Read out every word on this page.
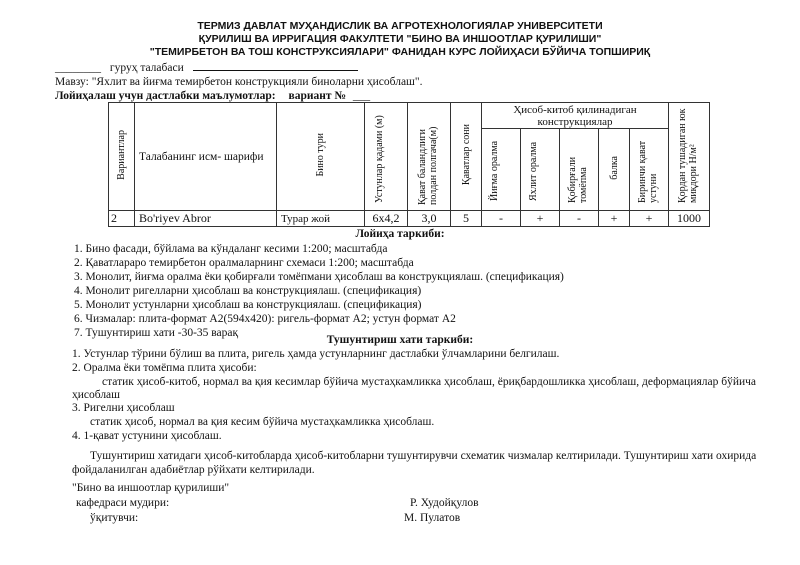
ТЕРМИЗ ДАВЛАТ МУҲАНДИСЛИК ВА АГРОТЕХНОЛОГИЯЛАР УНИВЕРСИТЕТИ
ҚУРИЛИШ ВА ИРРИГАЦИЯ ФАКУЛТЕТИ "БИНО ВА ИНШООТЛАР ҚУРИЛИШИ"
"ТЕМИРБЕТОН ВА ТОШ КОНСТРУКСИЯЛАРИ" ФАНИДАН КУРС ЛОЙИҲАСИ БЎЙИЧА ТОПШИРИҚ
________ гуруҳ талабаси
Мавзу: "Яхлит ва йиғма темирбетон конструкцияли биноларни ҳисоблаш".
Лойиҳалаш учун дастлабки маълумотлар: вариант № ___
Вариантлар	Талабанинг исм- шарифи	Бино тури	Устунлар қадами (м)	Қават баландлиги полдан полгача(м)	Қаватлар сони	Ҳисоб-китоб қилинадиган конструкциялар					Қордан тушадиган юк миқдори Н/м²
						Йиғма оралма	Яхлит оралма	Қобирғали томёпма	балка	Биринчи қават устуни	
2	Bo'riyev Abror	Турар жой	6х4,2	3,0	5	-	+	-	+	+	1000
Лойиҳа таркиби:
1. Бино фасади, бўйлама ва кўндаланг кесими 1:200; масштабда
2. Қаватлараро темирбетон оралмаларнинг схемаси 1:200; масштабда
3. Монолит, йиғма оралма ёки қобирғали томёпмани ҳисоблаш ва конструкциялаш. (спецификация)
4. Монолит ригелларни ҳисоблаш ва конструкциялаш. (спецификация)
5. Монолит устунларни ҳисоблаш ва конструкциялаш. (спецификация)
6. Чизмалар: плита-формат А2(594х420): ригель-формат А2; устун формат А2
7. Тушунтириш хати -30-35 варақ
Тушунтириш хати таркиби:
1. Устунлар тўрини бўлиш ва плита, ригель ҳамда устунларнинг дастлабки ўлчамларини белгилаш.
2. Оралма ёки томёпма плита ҳисоби:
статик ҳисоб-китоб, нормал ва қия кесимлар бўйича мустаҳкамликка ҳисоблаш, ёриқбардошликка ҳисоблаш, деформациялар бўйича
ҳисоблаш
3. Ригелни ҳисоблаш
статик ҳисоб, нормал ва қия кесим бўйича мустаҳкамликка ҳисоблаш.
4. 1-қават устунини ҳисоблаш.
Тушунтириш хатидаги ҳисоб-китобларда ҳисоб-китобларни тушунтирувчи схематик чизмалар келтирилади. Тушунтириш хати охирида
фойдаланилган адабиётлар рўйхати келтирилади.
"Бино ва иншоотлар қурилиши"
кафедраси мудири:	Р. Худойқулов
ўқитувчи:	М. Пулатов
